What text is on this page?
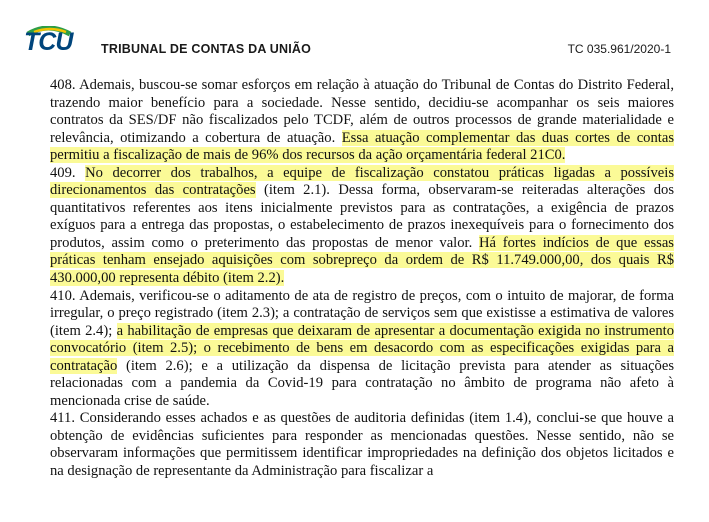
TCU TRIBUNAL DE CONTAS DA UNIÃO	TC 035.961/2020-1

408. Ademais, buscou-se somar esforços em relação à atuação do Tribunal de Contas do Distrito Federal, trazendo maior benefício para a sociedade. Nesse sentido, decidiu-se acompanhar os seis maiores contratos da SES/DF não fiscalizados pelo TCDF, além de outros processos de grande materialidade e relevância, otimizando a cobertura de atuação. Essa atuação complementar das duas cortes de contas permitiu a fiscalização de mais de 96% dos recursos da ação orçamentária federal 21C0.

409. No decorrer dos trabalhos, a equipe de fiscalização constatou práticas ligadas a possíveis direcionamentos das contratações (item 2.1). Dessa forma, observaram-se reiteradas alterações dos quantitativos referentes aos itens inicialmente previstos para as contratações, a exigência de prazos exíguos para a entrega das propostas, o estabelecimento de prazos inexequíveis para o fornecimento dos produtos, assim como o preterimento das propostas de menor valor. Há fortes indícios de que essas práticas tenham ensejado aquisições com sobrepreço da ordem de R$ 11.749.000,00, dos quais R$ 430.000,00 representa débito (item 2.2).

410. Ademais, verificou-se o aditamento de ata de registro de preços, com o intuito de majorar, de forma irregular, o preço registrado (item 2.3); a contratação de serviços sem que existisse a estimativa de valores (item 2.4); a habilitação de empresas que deixaram de apresentar a documentação exigida no instrumento convocatório (item 2.5); o recebimento de bens em desacordo com as especificações exigidas para a contratação (item 2.6); e a utilização da dispensa de licitação prevista para atender as situações relacionadas com a pandemia da Covid-19 para contratação no âmbito de programa não afeto à mencionada crise de saúde.

411. Considerando esses achados e as questões de auditoria definidas (item 1.4), conclui-se que houve a obtenção de evidências suficientes para responder as mencionadas questões. Nesse sentido, não se observaram informações que permitissem identificar impropriedades na definição dos objetos licitados e na designação de representante da Administração para fiscalizar a
